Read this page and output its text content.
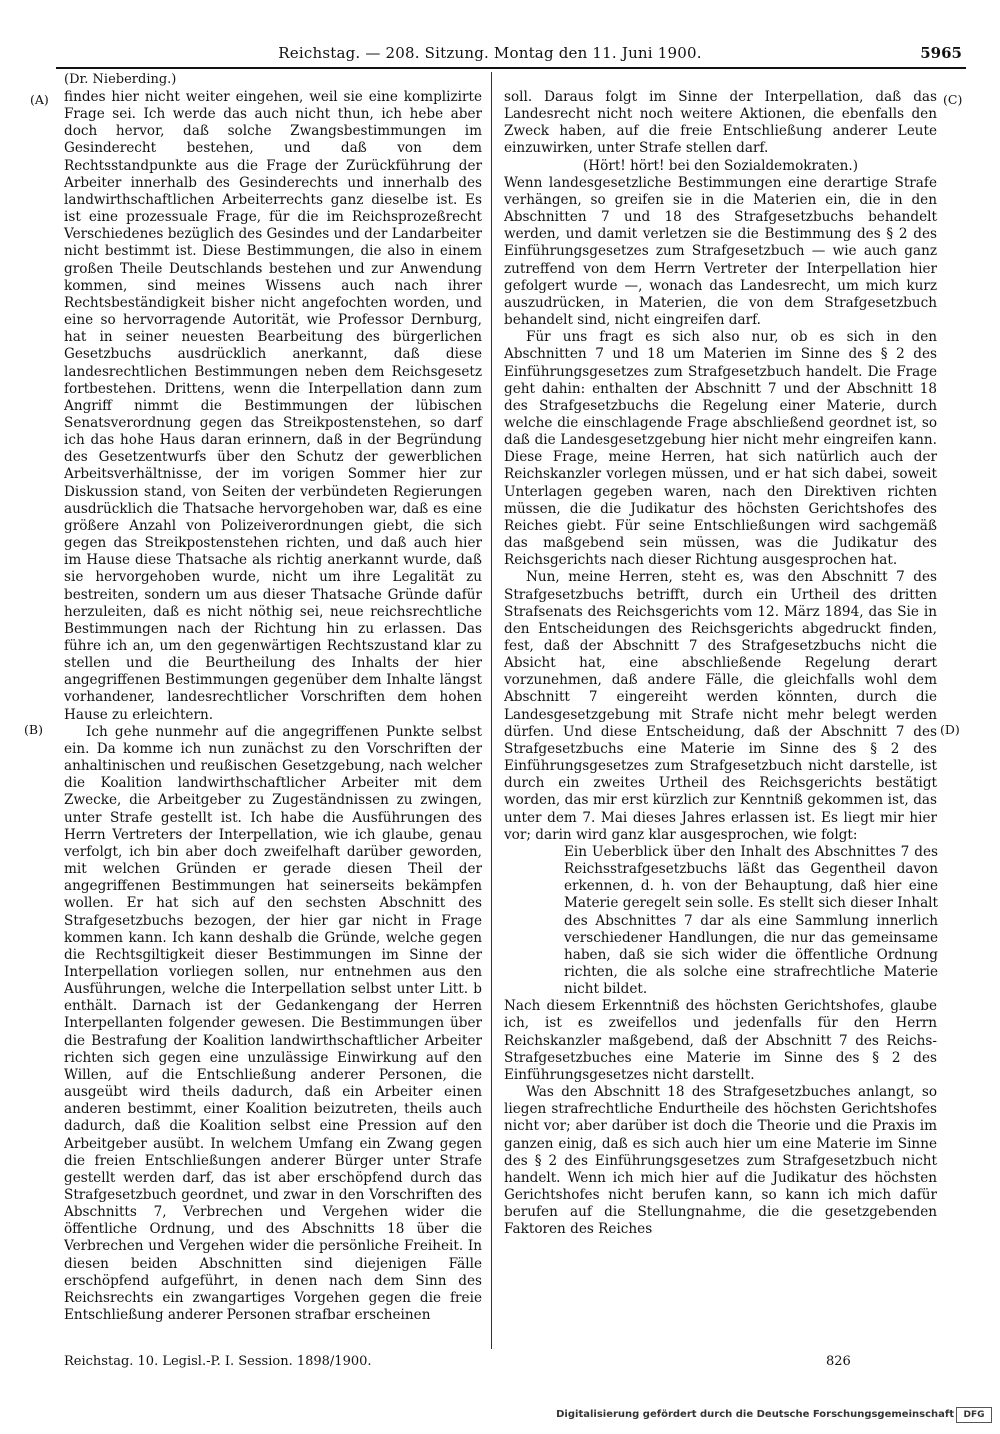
Reichstag. — 208. Sitzung. Montag den 11. Juni 1900.	5965
(Dr. Nieberding.)
(A)
(B)
(C)
(D)

findes hier nicht weiter eingehen, weil sie eine komplizirte Frage sei. Ich werde das auch nicht thun, ich hebe aber doch hervor, daß solche Zwangsbestimmungen im Gesinderecht bestehen, und daß von dem Rechtsstandpunkte aus die Frage der Zurückführung der Arbeiter innerhalb des Gesinderechts und innerhalb des landwirthschaftlichen Arbeiterrechts ganz dieselbe ist. Es ist eine prozessuale Frage, für die im Reichsprozeßrecht Verschiedenes bezüglich des Gesindes und der Landarbeiter nicht bestimmt ist. Diese Bestimmungen, die also in einem großen Theile Deutschlands bestehen und zur Anwendung kommen, sind meines Wissens auch nach ihrer Rechtsbeständigkeit bisher nicht angefochten worden, und eine so hervorragende Autorität, wie Professor Dernburg, hat in seiner neuesten Bearbeitung des bürgerlichen Gesetzbuchs ausdrücklich anerkannt, daß diese landesrechtlichen Bestimmungen neben dem Reichsgesetz fortbestehen. Drittens, wenn die Interpellation dann zum Angriff nimmt die Bestimmungen der lübischen Senatsverordnung gegen das Streikpostenstehen, so darf ich das hohe Haus daran erinnern, daß in der Begründung des Gesetzentwurfs über den Schutz der gewerblichen Arbeitsverhältnisse, der im vorigen Sommer hier zur Diskussion stand, von Seiten der verbündeten Regierungen ausdrücklich die Thatsache hervorgehoben war, daß es eine größere Anzahl von Polizeiverordnungen giebt, die sich gegen das Streikpostenstehen richten, und daß auch hier im Hause diese Thatsache als richtig anerkannt wurde, daß sie hervorgehoben wurde, nicht um ihre Legalität zu bestreiten, sondern um aus dieser Thatsache Gründe dafür herzuleiten, daß es nicht nöthig sei, neue reichsrechtliche Bestimmungen nach der Richtung hin zu erlassen. Das führe ich an, um den gegenwärtigen Rechtszustand klar zu stellen und die Beurtheilung des Inhalts der hier angegriffenen Bestimmungen gegenüber dem Inhalte längst vorhandener, landesrechtlicher Vorschriften dem hohen Hause zu erleichtern.

Ich gehe nunmehr auf die angegriffenen Punkte selbst ein. Da komme ich nun zunächst zu den Vorschriften der anhaltinischen und reußischen Gesetzgebung, nach welcher die Koalition landwirthschaftlicher Arbeiter mit dem Zwecke, die Arbeitgeber zu Zugeständnissen zu zwingen, unter Strafe gestellt ist. Ich habe die Ausführungen des Herrn Vertreters der Interpellation, wie ich glaube, genau verfolgt, ich bin aber doch zweifelhaft darüber geworden, mit welchen Gründen er gerade diesen Theil der angegriffenen Bestimmungen hat seinerseits bekämpfen wollen. Er hat sich auf den sechsten Abschnitt des Strafgesetzbuchs bezogen, der hier gar nicht in Frage kommen kann. Ich kann deshalb die Gründe, welche gegen die Rechtsgiltigkeit dieser Bestimmungen im Sinne der Interpellation vorliegen sollen, nur entnehmen aus den Ausführungen, welche die Interpellation selbst unter Litt. b enthält. Darnach ist der Gedankengang der Herren Interpellanten folgender gewesen. Die Bestimmungen über die Bestrafung der Koalition landwirthschaftlicher Arbeiter richten sich gegen eine unzulässige Einwirkung auf den Willen, auf die Entschließung anderer Personen, die ausgeübt wird theils dadurch, daß ein Arbeiter einen anderen bestimmt, einer Koalition beizutreten, theils auch dadurch, daß die Koalition selbst eine Pression auf den Arbeitgeber ausübt. In welchem Umfang ein Zwang gegen die freien Entschließungen anderer Bürger unter Strafe gestellt werden darf, das ist aber erschöpfend durch das Strafgesetzbuch geordnet, und zwar in den Vorschriften des Abschnitts 7, Verbrechen und Vergehen wider die öffentliche Ordnung, und des Abschnitts 18 über die Verbrechen und Vergehen wider die persönliche Freiheit. In diesen beiden Abschnitten sind diejenigen Fälle erschöpfend aufgeführt, in denen nach dem Sinn des Reichsrechts ein zwangartiges Vorgehen gegen die freie Entschließung anderer Personen strafbar erscheinen

soll. Daraus folgt im Sinne der Interpellation, daß das Landesrecht nicht noch weitere Aktionen, die ebenfalls den Zweck haben, auf die freie Entschließung anderer Leute einzuwirken, unter Strafe stellen darf.

(Hört! hört! bei den Sozialdemokraten.)

Wenn landesgesetzliche Bestimmungen eine derartige Strafe verhängen, so greifen sie in die Materien ein, die in den Abschnitten 7 und 18 des Strafgesetzbuchs behandelt werden, und damit verletzen sie die Bestimmung des § 2 des Einführungsgesetzes zum Strafgesetzbuch — wie auch ganz zutreffend von dem Herrn Vertreter der Interpellation hier gefolgert wurde —, wonach das Landesrecht, um mich kurz auszudrücken, in Materien, die von dem Strafgesetzbuch behandelt sind, nicht eingreifen darf.

Für uns fragt es sich also nur, ob es sich in den Abschnitten 7 und 18 um Materien im Sinne des § 2 des Einführungsgesetzes zum Strafgesetzbuch handelt. Die Frage geht dahin: enthalten der Abschnitt 7 und der Abschnitt 18 des Strafgesetzbuchs die Regelung einer Materie, durch welche die einschlagende Frage abschließend geordnet ist, so daß die Landesgesetzgebung hier nicht mehr eingreifen kann. Diese Frage, meine Herren, hat sich natürlich auch der Reichskanzler vorlegen müssen, und er hat sich dabei, soweit Unterlagen gegeben waren, nach den Direktiven richten müssen, die die Judikatur des höchsten Gerichtshofes des Reiches giebt. Für seine Entschließungen wird sachgemäß das maßgebend sein müssen, was die Judikatur des Reichsgerichts nach dieser Richtung ausgesprochen hat.

Nun, meine Herren, steht es, was den Abschnitt 7 des Strafgesetzbuchs betrifft, durch ein Urtheil des dritten Strafsenats des Reichsgerichts vom 12. März 1894, das Sie in den Entscheidungen des Reichsgerichts abgedruckt finden, fest, daß der Abschnitt 7 des Strafgesetzbuchs nicht die Absicht hat, eine abschließende Regelung derart vorzunehmen, daß andere Fälle, die gleichfalls wohl dem Abschnitt 7 eingereiht werden könnten, durch die Landesgesetzgebung mit Strafe nicht mehr belegt werden dürfen. Und diese Entscheidung, daß der Abschnitt 7 des Strafgesetzbuchs eine Materie im Sinne des § 2 des Einführungsgesetzes zum Strafgesetzbuch nicht darstelle, ist durch ein zweites Urtheil des Reichsgerichts bestätigt worden, das mir erst kürzlich zur Kenntniß gekommen ist, das unter dem 7. Mai dieses Jahres erlassen ist. Es liegt mir hier vor; darin wird ganz klar ausgesprochen, wie folgt:

Ein Ueberblick über den Inhalt des Abschnittes 7 des Reichsstrafgesetzbuchs läßt das Gegentheil davon erkennen, d. h. von der Behauptung, daß hier eine Materie geregelt sein solle. Es stellt sich dieser Inhalt des Abschnittes 7 dar als eine Sammlung innerlich verschiedener Handlungen, die nur das gemeinsame haben, daß sie sich wider die öffentliche Ordnung richten, die als solche eine strafrechtliche Materie nicht bildet.

Nach diesem Erkenntniß des höchsten Gerichtshofes, glaube ich, ist es zweifellos und jedenfalls für den Herrn Reichskanzler maßgebend, daß der Abschnitt 7 des Reichs-Strafgesetzbuches eine Materie im Sinne des § 2 des Einführungsgesetzes nicht darstellt.

Was den Abschnitt 18 des Strafgesetzbuches anlangt, so liegen strafrechtliche Endurtheile des höchsten Gerichtshofes nicht vor; aber darüber ist doch die Theorie und die Praxis im ganzen einig, daß es sich auch hier um eine Materie im Sinne des § 2 des Einführungsgesetzes zum Strafgesetzbuch nicht handelt. Wenn ich mich hier auf die Judikatur des höchsten Gerichtshofes nicht berufen kann, so kann ich mich dafür berufen auf die Stellungnahme, die die gesetzgebenden Faktoren des Reiches

Reichstag. 10. Legisl.-P. I. Session. 1898/1900.	826
Digitalisierung gefördert durch die Deutsche Forschungsgemeinschaft	DFG
